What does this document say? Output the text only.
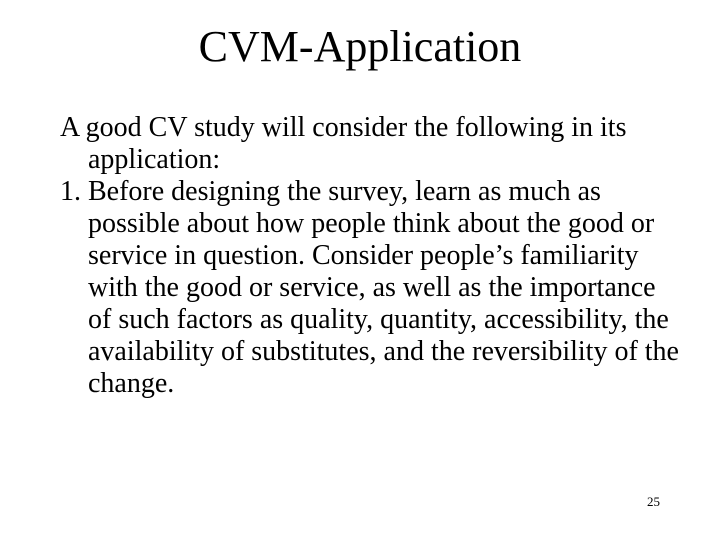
CVM-Application

A good CV study will consider the following in its application:

1. Before designing the survey, learn as much as possible about how people think about the good or service in question. Consider people’s familiarity with the good or service, as well as the importance of such factors as quality, quantity, accessibility, the availability of substitutes, and the reversibility of the change.

25
